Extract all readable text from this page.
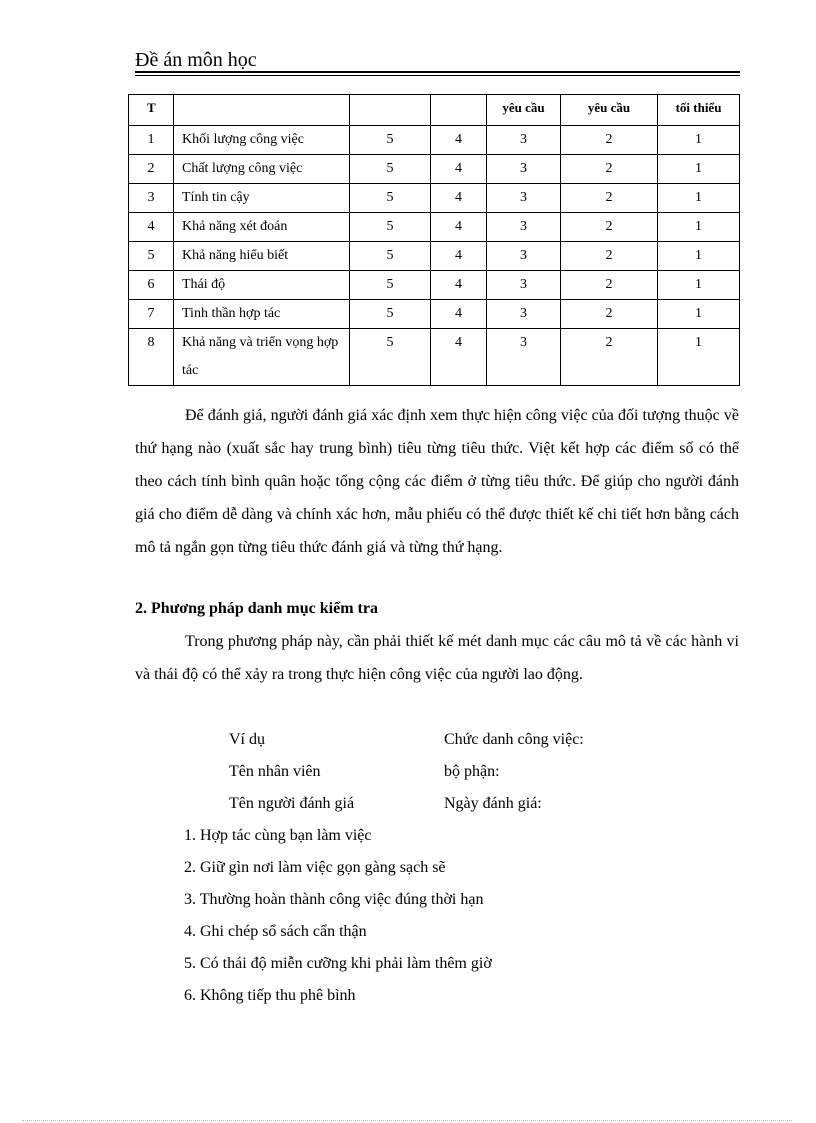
Đề án môn học
T				yêu cầu	yêu cầu	tối thiểu
1	Khối lượng công việc	5	4	3	2	1
2	Chất lượng công việc	5	4	3	2	1
3	Tính tin cậy	5	4	3	2	1
4	Khả năng xét đoán	5	4	3	2	1
5	Khả năng hiểu biết	5	4	3	2	1
6	Thái độ	5	4	3	2	1
7	Tinh thần hợp tác	5	4	3	2	1
8	Khả năng và triển vọng hợp tác	5	4	3	2	1
Để đánh giá, người đánh giá xác định xem thực hiện công việc của đối tượng thuộc về thứ hạng nào (xuất sắc hay trung bình) tiêu từng tiêu thức. Việt kết hợp các điểm số có thể theo cách tính bình quân hoặc tổng cộng các điểm ở từng tiêu thức. Để giúp cho người đánh giá cho điểm dễ dàng và chính xác hơn, mẫu phiếu có thể được thiết kế chi tiết hơn bằng cách mô tả ngắn gọn từng tiêu thức đánh giá và từng thứ hạng.
2. Phương pháp danh mục kiểm tra
Trong phương pháp này, cần phải thiết kế mét danh mục các câu mô tả về các hành vi và thái độ có thể xảy ra trong thực hiện công việc của người lao động.
Ví dụ	Chức danh công việc:
Tên nhân viên	bộ phận:
Tên người đánh giá	Ngày đánh giá:
1. Hợp tác cùng bạn làm việc
2. Giữ gìn nơi làm việc gọn gàng sạch sẽ
3. Thường hoàn thành công việc đúng thời hạn
4. Ghi chép sổ sách cẩn thận
5. Có thái độ miễn cưỡng khi phải làm thêm giờ
6. Không tiếp thu phê bình
